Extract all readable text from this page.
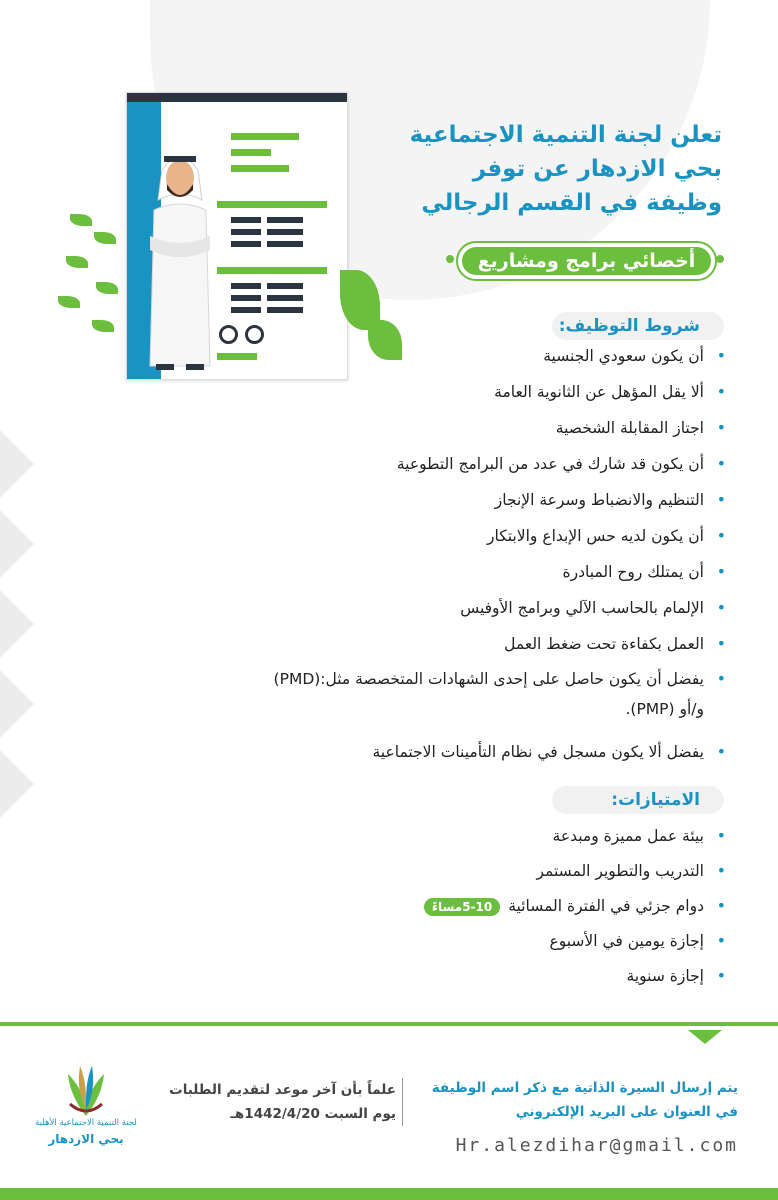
تعلن لجنة التنمية الاجتماعية
بحي الازدهار عن توفر
وظيفة في القسم الرجالي
أخصائي برامج ومشاريع
شروط التوظيف:
• أن يكون سعودي الجنسية
• ألا يقل المؤهل عن الثانوية العامة
• اجتاز المقابلة الشخصية
• أن يكون قد شارك في عدد من البرامج التطوعية
• التنظيم والانضباط وسرعة الإنجاز
• أن يكون لديه حس الإبداع والابتكار
• أن يمتلك روح المبادرة
• الإلمام بالحاسب الآلي وبرامج الأوفيس
• العمل بكفاءة تحت ضغط العمل
• يفضل أن يكون حاصل على إحدى الشهادات المتخصصة مثل:(PMD) و/أو (PMP).
• يفضل ألا يكون مسجل في نظام التأمينات الاجتماعية
الامتيازات:
• بيئة عمل مميزة ومبدعة
• التدريب والتطوير المستمر
• دوام جزئي في الفترة المسائية5-10مساءً
• إجازة يومين في الأسبوع
• إجازة سنوية
يتم إرسال السيرة الذاتية مع ذكر اسم الوظيفة
في العنوان على البريد الإلكتروني
Hr.alezdihar@gmail.com
علماً بأن آخر موعد لتقديم الطلبات
يوم السبت 1442/4/20هـ
لجنة التنمية الاجتماعية الأهلية
بحي الازدهار
